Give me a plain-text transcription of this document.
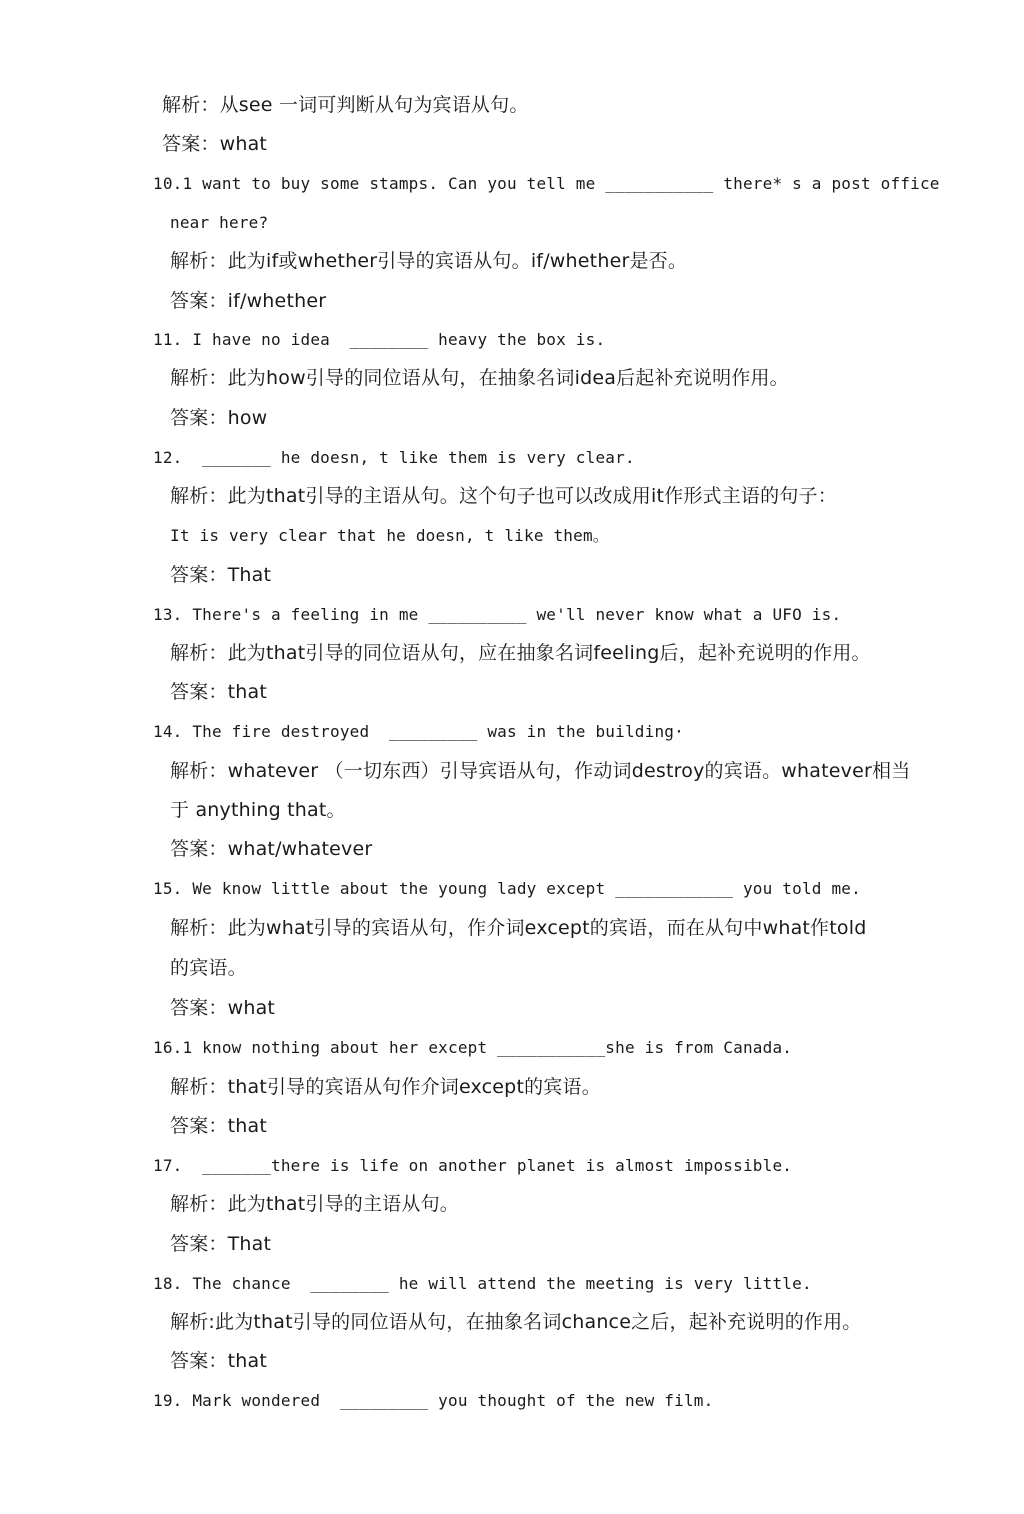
解析：从see 一词可判断从句为宾语从句。
答案：what
10.1 want to buy some stamps. Can you tell me ___________ there* s a post office
near here?
解析：此为if或whether引导的宾语从句。if/whether是否。
答案：if/whether
11. I have no idea  ________ heavy the box is.
解析：此为how引导的同位语从句，在抽象名词idea后起补充说明作用。
答案：how
12.  _______ he doesn, t like them is very clear.
解析：此为that引导的主语从句。这个句子也可以改成用it作形式主语的句子：
It is very clear that he doesn, t like them。
答案：That
13. There's a feeling in me __________ we'll never know what a UFO is.
解析：此为that引导的同位语从句，应在抽象名词feeling后，起补充说明的作用。
答案：that
14. The fire destroyed  _________ was in the building·
解析：whatever （一切东西）引导宾语从句，作动词destroy的宾语。whatever相当
于 anything that。
答案：what/whatever
15. We know little about the young lady except ____________ you told me.
解析：此为what引导的宾语从句，作介词except的宾语，而在从句中what作told
的宾语。
答案：what
16.1 know nothing about her except ___________she is from Canada.
解析：that引导的宾语从句作介词except的宾语。
答案：that
17.  _______there is life on another planet is almost impossible.
解析：此为that引导的主语从句。
答案：That
18. The chance  ________ he will attend the meeting is very little.
解析:此为that引导的同位语从句，在抽象名词chance之后，起补充说明的作用。
答案：that
19. Mark wondered  _________ you thought of the new film.
